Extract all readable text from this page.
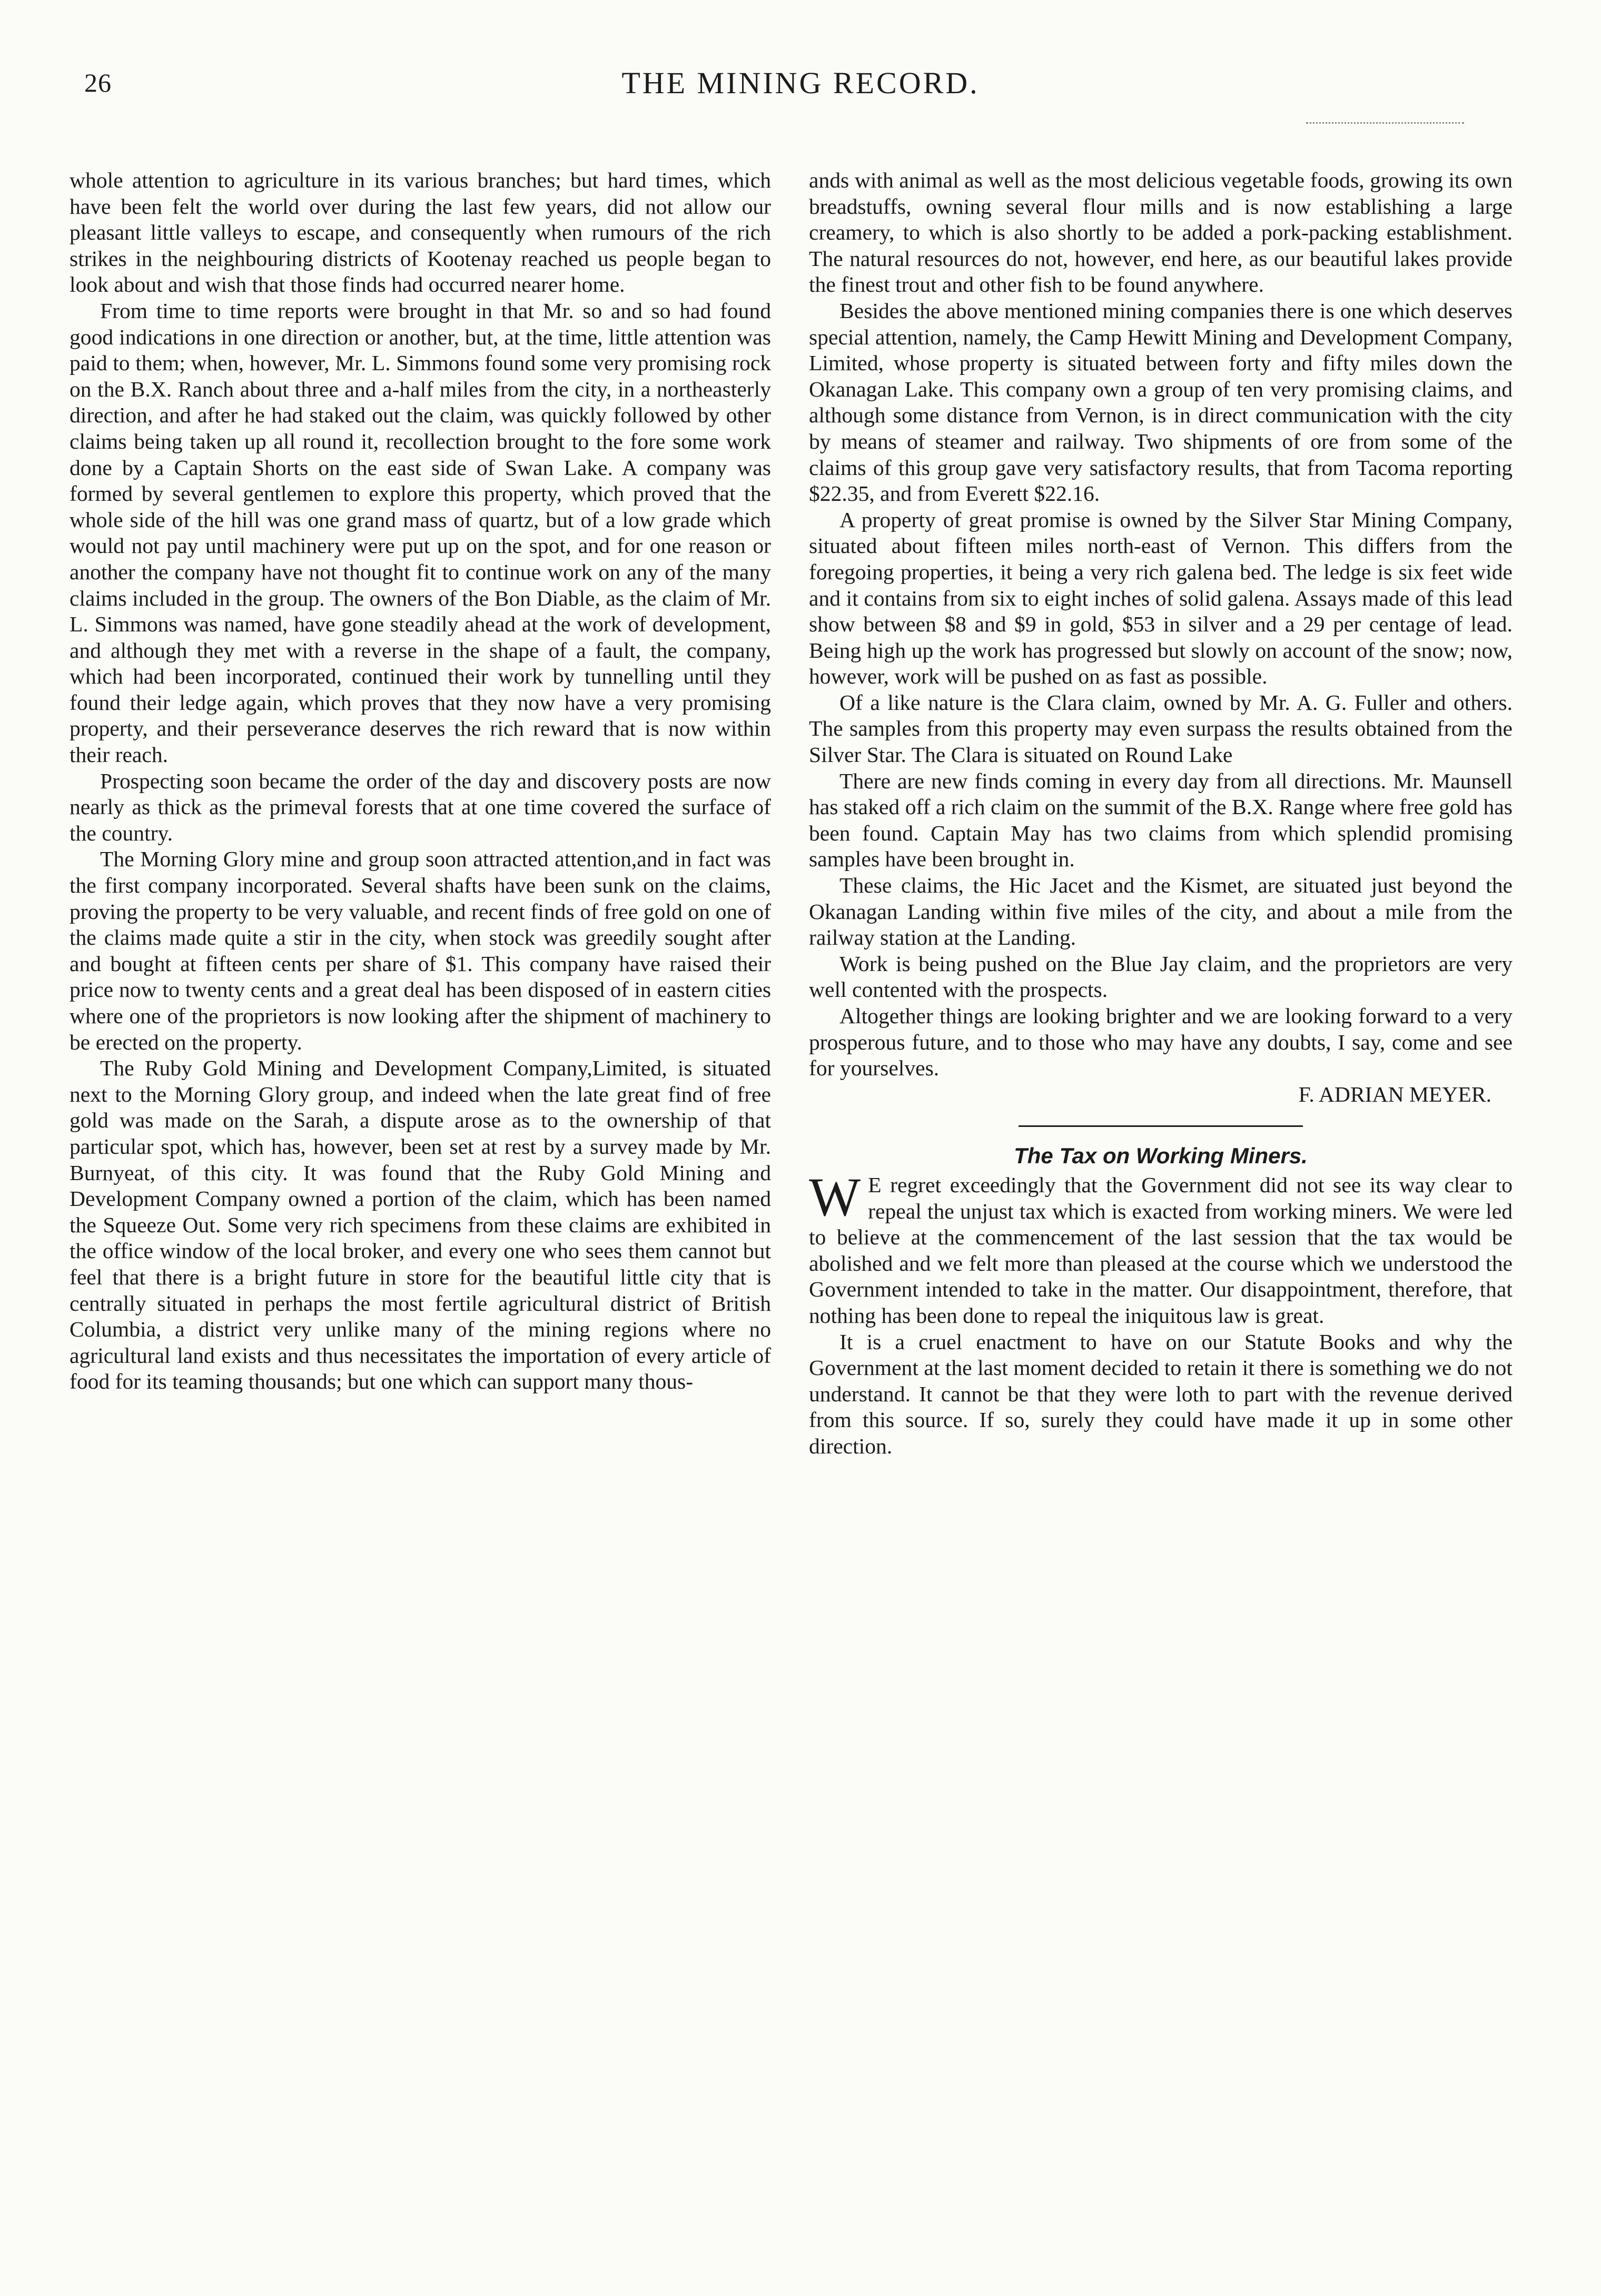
26	THE MINING RECORD.

whole attention to agriculture in its various branches; but hard times, which have been felt the world over during the last few years, did not allow our pleasant little valleys to escape, and consequently when rumours of the rich strikes in the neighbouring districts of Kootenay reached us people began to look about and wish that those finds had occurred nearer home.

From time to time reports were brought in that Mr. so and so had found good indications in one direction or another, but, at the time, little attention was paid to them; when, however, Mr. L. Simmons found some very promising rock on the B.X. Ranch about three and a-half miles from the city, in a northeasterly direction, and after he had staked out the claim, was quickly followed by other claims being taken up all round it, recollection brought to the fore some work done by a Captain Shorts on the east side of Swan Lake. A company was formed by several gentlemen to explore this property, which proved that the whole side of the hill was one grand mass of quartz, but of a low grade which would not pay until machinery were put up on the spot, and for one reason or another the company have not thought fit to continue work on any of the many claims included in the group. The owners of the Bon Diable, as the claim of Mr. L. Simmons was named, have gone steadily ahead at the work of development, and although they met with a reverse in the shape of a fault, the company, which had been incorporated, continued their work by tunnelling until they found their ledge again, which proves that they now have a very promising property, and their perseverance deserves the rich reward that is now within their reach.

Prospecting soon became the order of the day and discovery posts are now nearly as thick as the primeval forests that at one time covered the surface of the country.

The Morning Glory mine and group soon attracted attention,and in fact was the first company incorporated. Several shafts have been sunk on the claims, proving the property to be very valuable, and recent finds of free gold on one of the claims made quite a stir in the city, when stock was greedily sought after and bought at fifteen cents per share of $1. This company have raised their price now to twenty cents and a great deal has been disposed of in eastern cities where one of the proprietors is now looking after the shipment of machinery to be erected on the property.

The Ruby Gold Mining and Development Company,Limited, is situated next to the Morning Glory group, and indeed when the late great find of free gold was made on the Sarah, a dispute arose as to the ownership of that particular spot, which has, however, been set at rest by a survey made by Mr. Burnyeat, of this city. It was found that the Ruby Gold Mining and Development Company owned a portion of the claim, which has been named the Squeeze Out. Some very rich specimens from these claims are exhibited in the office window of the local broker, and every one who sees them cannot but feel that there is a bright future in store for the beautiful little city that is centrally situated in perhaps the most fertile agricultural district of British Columbia, a district very unlike many of the mining regions where no agricultural land exists and thus necessitates the importation of every article of food for its teaming thousands; but one which can support many thous-

ands with animal as well as the most delicious vegetable foods, growing its own breadstuffs, owning several flour mills and is now establishing a large creamery, to which is also shortly to be added a pork-packing establishment. The natural resources do not, however, end here, as our beautiful lakes provide the finest trout and other fish to be found anywhere.

Besides the above mentioned mining companies there is one which deserves special attention, namely, the Camp Hewitt Mining and Development Company, Limited, whose property is situated between forty and fifty miles down the Okanagan Lake. This company own a group of ten very promising claims, and although some distance from Vernon, is in direct communication with the city by means of steamer and railway. Two shipments of ore from some of the claims of this group gave very satisfactory results, that from Tacoma reporting $22.35, and from Everett $22.16.

A property of great promise is owned by the Silver Star Mining Company, situated about fifteen miles north-east of Vernon. This differs from the foregoing properties, it being a very rich galena bed. The ledge is six feet wide and it contains from six to eight inches of solid galena. Assays made of this lead show between $8 and $9 in gold, $53 in silver and a 29 per centage of lead. Being high up the work has progressed but slowly on account of the snow; now, however, work will be pushed on as fast as possible.

Of a like nature is the Clara claim, owned by Mr. A. G. Fuller and others. The samples from this property may even surpass the results obtained from the Silver Star. The Clara is situated on Round Lake

There are new finds coming in every day from all directions. Mr. Maunsell has staked off a rich claim on the summit of the B.X. Range where free gold has been found. Captain May has two claims from which splendid promising samples have been brought in.

These claims, the Hic Jacet and the Kismet, are situated just beyond the Okanagan Landing within five miles of the city, and about a mile from the railway station at the Landing.

Work is being pushed on the Blue Jay claim, and the proprietors are very well contented with the prospects.

Altogether things are looking brighter and we are looking forward to a very prosperous future, and to those who may have any doubts, I say, come and see for yourselves.

F. ADRIAN MEYER.
The Tax on Working Miners.

W E regret exceedingly that the Government did not see its way clear to repeal the unjust tax which is exacted from working miners. We were led to believe at the commencement of the last session that the tax would be abolished and we felt more than pleased at the course which we understood the Government intended to take in the matter. Our disappointment, therefore, that nothing has been done to repeal the iniquitous law is great.

It is a cruel enactment to have on our Statute Books and why the Government at the last moment decided to retain it there is something we do not understand. It cannot be that they were loth to part with the revenue derived from this source. If so, surely they could have made it up in some other direction.
